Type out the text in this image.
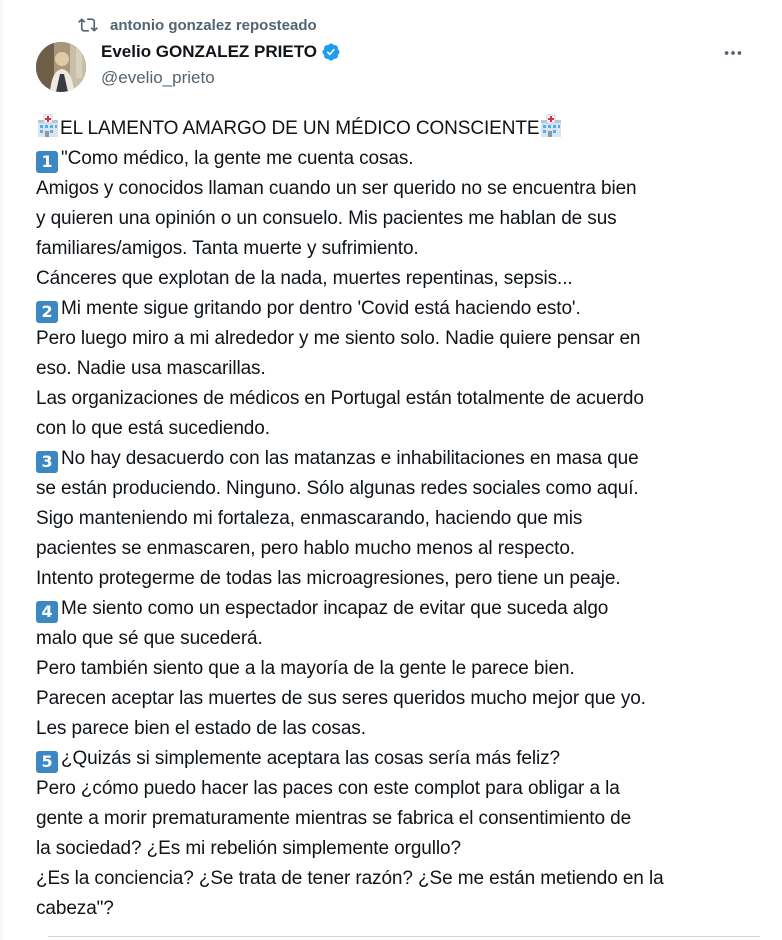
antonio gonzalez reposteado
Evelio GONZALEZ PRIETO
@evelio_prieto
EL LAMENTO AMARGO DE UN MÉDICO CONSCIENTE
1 "Como médico, la gente me cuenta cosas.
Amigos y conocidos llaman cuando un ser querido no se encuentra bien
y quieren una opinión o un consuelo. Mis pacientes me hablan de sus
familiares/amigos. Tanta muerte y sufrimiento.
Cánceres que explotan de la nada, muertes repentinas, sepsis...
2 Mi mente sigue gritando por dentro 'Covid está haciendo esto'.
Pero luego miro a mi alrededor y me siento solo. Nadie quiere pensar en
eso. Nadie usa mascarillas.
Las organizaciones de médicos en Portugal están totalmente de acuerdo
con lo que está sucediendo.
3 No hay desacuerdo con las matanzas e inhabilitaciones en masa que
se están produciendo. Ninguno. Sólo algunas redes sociales como aquí.
Sigo manteniendo mi fortaleza, enmascarando, haciendo que mis
pacientes se enmascaren, pero hablo mucho menos al respecto.
Intento protegerme de todas las microagresiones, pero tiene un peaje.
4 Me siento como un espectador incapaz de evitar que suceda algo
malo que sé que sucederá.
Pero también siento que a la mayoría de la gente le parece bien.
Parecen aceptar las muertes de sus seres queridos mucho mejor que yo.
Les parece bien el estado de las cosas.
5 ¿Quizás si simplemente aceptara las cosas sería más feliz?
Pero ¿cómo puedo hacer las paces con este complot para obligar a la
gente a morir prematuramente mientras se fabrica el consentimiento de
la sociedad? ¿Es mi rebelión simplemente orgullo?
¿Es la conciencia? ¿Se trata de tener razón? ¿Se me están metiendo en la
cabeza"?
